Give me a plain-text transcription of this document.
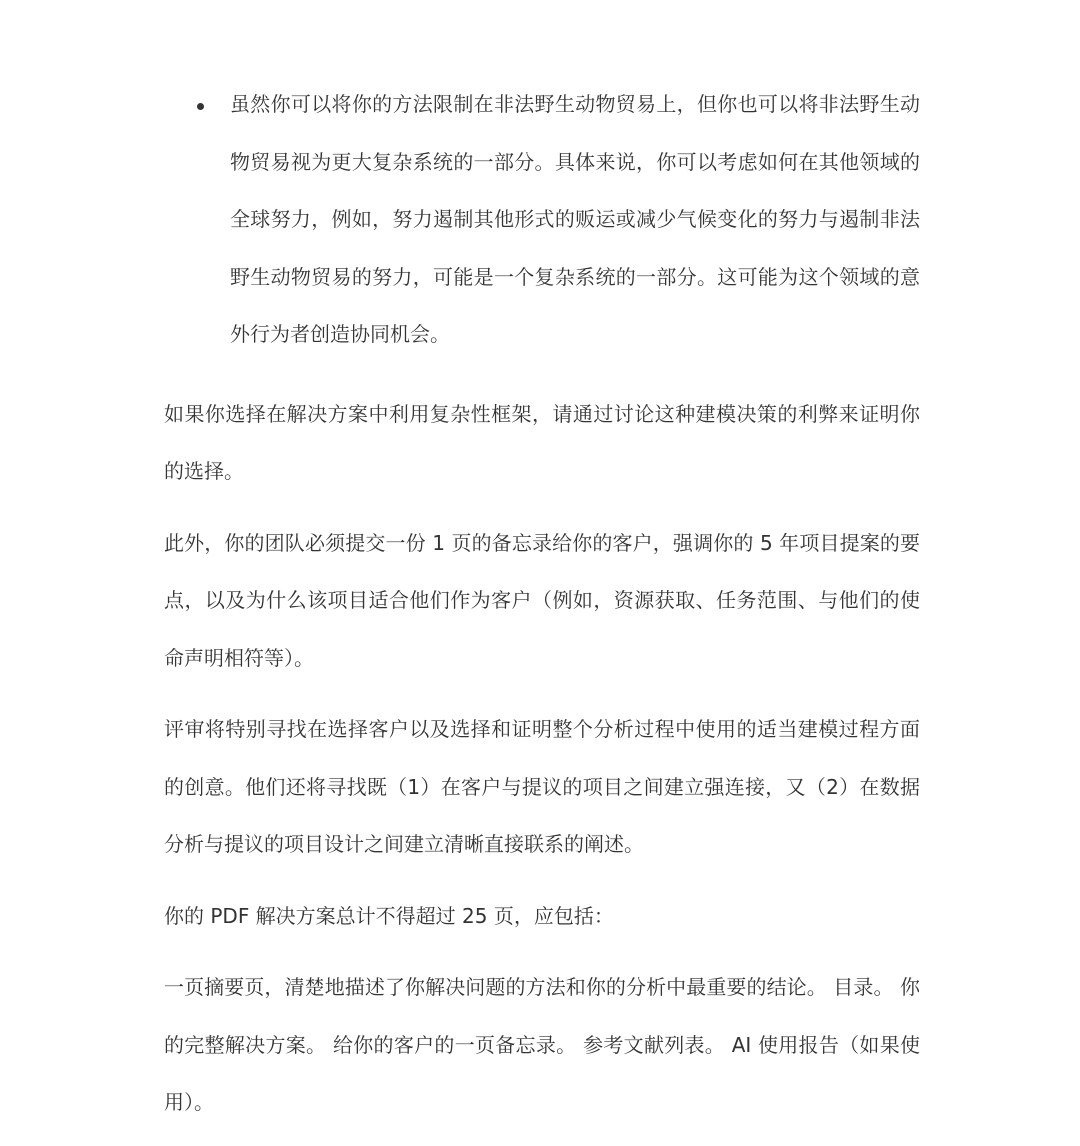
虽然你可以将你的方法限制在非法野生动物贸易上，但你也可以将非法野生动物贸易视为更大复杂系统的一部分。具体来说，你可以考虑如何在其他领域的全球努力，例如，努力遏制其他形式的贩运或减少气候变化的努力与遏制非法野生动物贸易的努力，可能是一个复杂系统的一部分。这可能为这个领域的意外行为者创造协同机会。

如果你选择在解决方案中利用复杂性框架，请通过讨论这种建模决策的利弊来证明你的选择。

此外，你的团队必须提交一份 1 页的备忘录给你的客户，强调你的 5 年项目提案的要点，以及为什么该项目适合他们作为客户（例如，资源获取、任务范围、与他们的使命声明相符等）。

评审将特别寻找在选择客户以及选择和证明整个分析过程中使用的适当建模过程方面的创意。他们还将寻找既（1）在客户与提议的项目之间建立强连接，又（2）在数据分析与提议的项目设计之间建立清晰直接联系的阐述。

你的 PDF 解决方案总计不得超过 25 页，应包括：

一页摘要页，清楚地描述了你解决问题的方法和你的分析中最重要的结论。 目录。 你的完整解决方案。 给你的客户的一页备忘录。 参考文献列表。 AI 使用报告（如果使用）。
